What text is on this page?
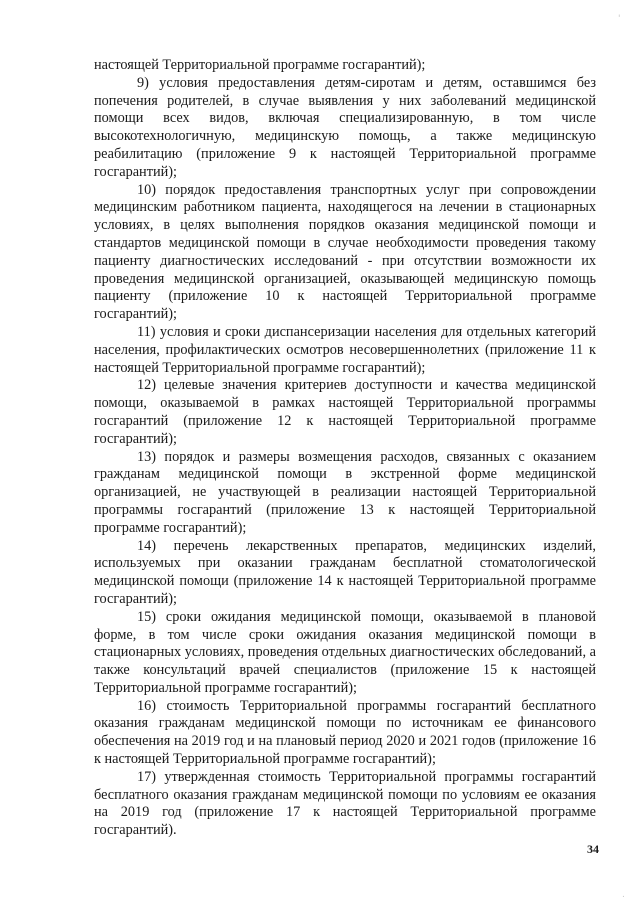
настоящей Территориальной программе госгарантий);

9) условия предоставления детям-сиротам и детям, оставшимся без попечения родителей, в случае выявления у них заболеваний медицинской помощи всех видов, включая специализированную, в том числе высокотехнологичную, медицинскую помощь, а также медицинскую реабилитацию (приложение 9 к настоящей Территориальной программе госгарантий);

10) порядок предоставления транспортных услуг при сопровождении медицинским работником пациента, находящегося на лечении в стационарных условиях, в целях выполнения порядков оказания медицинской помощи и стандартов медицинской помощи в случае необходимости проведения такому пациенту диагностических исследований - при отсутствии возможности их проведения медицинской организацией, оказывающей медицинскую помощь пациенту (приложение 10 к настоящей Территориальной программе госгарантий);

11) условия и сроки диспансеризации населения для отдельных категорий населения, профилактических осмотров несовершеннолетних (приложение 11 к настоящей Территориальной программе госгарантий);

12) целевые значения критериев доступности и качества медицинской помощи, оказываемой в рамках настоящей Территориальной программы госгарантий (приложение 12 к настоящей Территориальной программе госгарантий);

13) порядок и размеры возмещения расходов, связанных с оказанием гражданам медицинской помощи в экстренной форме медицинской организацией, не участвующей в реализации настоящей Территориальной программы госгарантий (приложение 13 к настоящей Территориальной программе госгарантий);

14) перечень лекарственных препаратов, медицинских изделий, используемых при оказании гражданам бесплатной стоматологической медицинской помощи (приложение 14 к настоящей Территориальной программе госгарантий);

15) сроки ожидания медицинской помощи, оказываемой в плановой форме, в том числе сроки ожидания оказания медицинской помощи в стационарных условиях, проведения отдельных диагностических обследований, а также консультаций врачей специалистов (приложение 15 к настоящей Территориальной программе госгарантий);

16) стоимость Территориальной программы госгарантий бесплатного оказания гражданам медицинской помощи по источникам ее финансового обеспечения на 2019 год и на плановый период 2020 и 2021 годов (приложение 16 к настоящей Территориальной программе госгарантий);

17) утвержденная стоимость Территориальной программы госгарантий бесплатного оказания гражданам медицинской помощи по условиям ее оказания на 2019 год (приложение 17 к настоящей Территориальной программе госгарантий).

34
'
.
